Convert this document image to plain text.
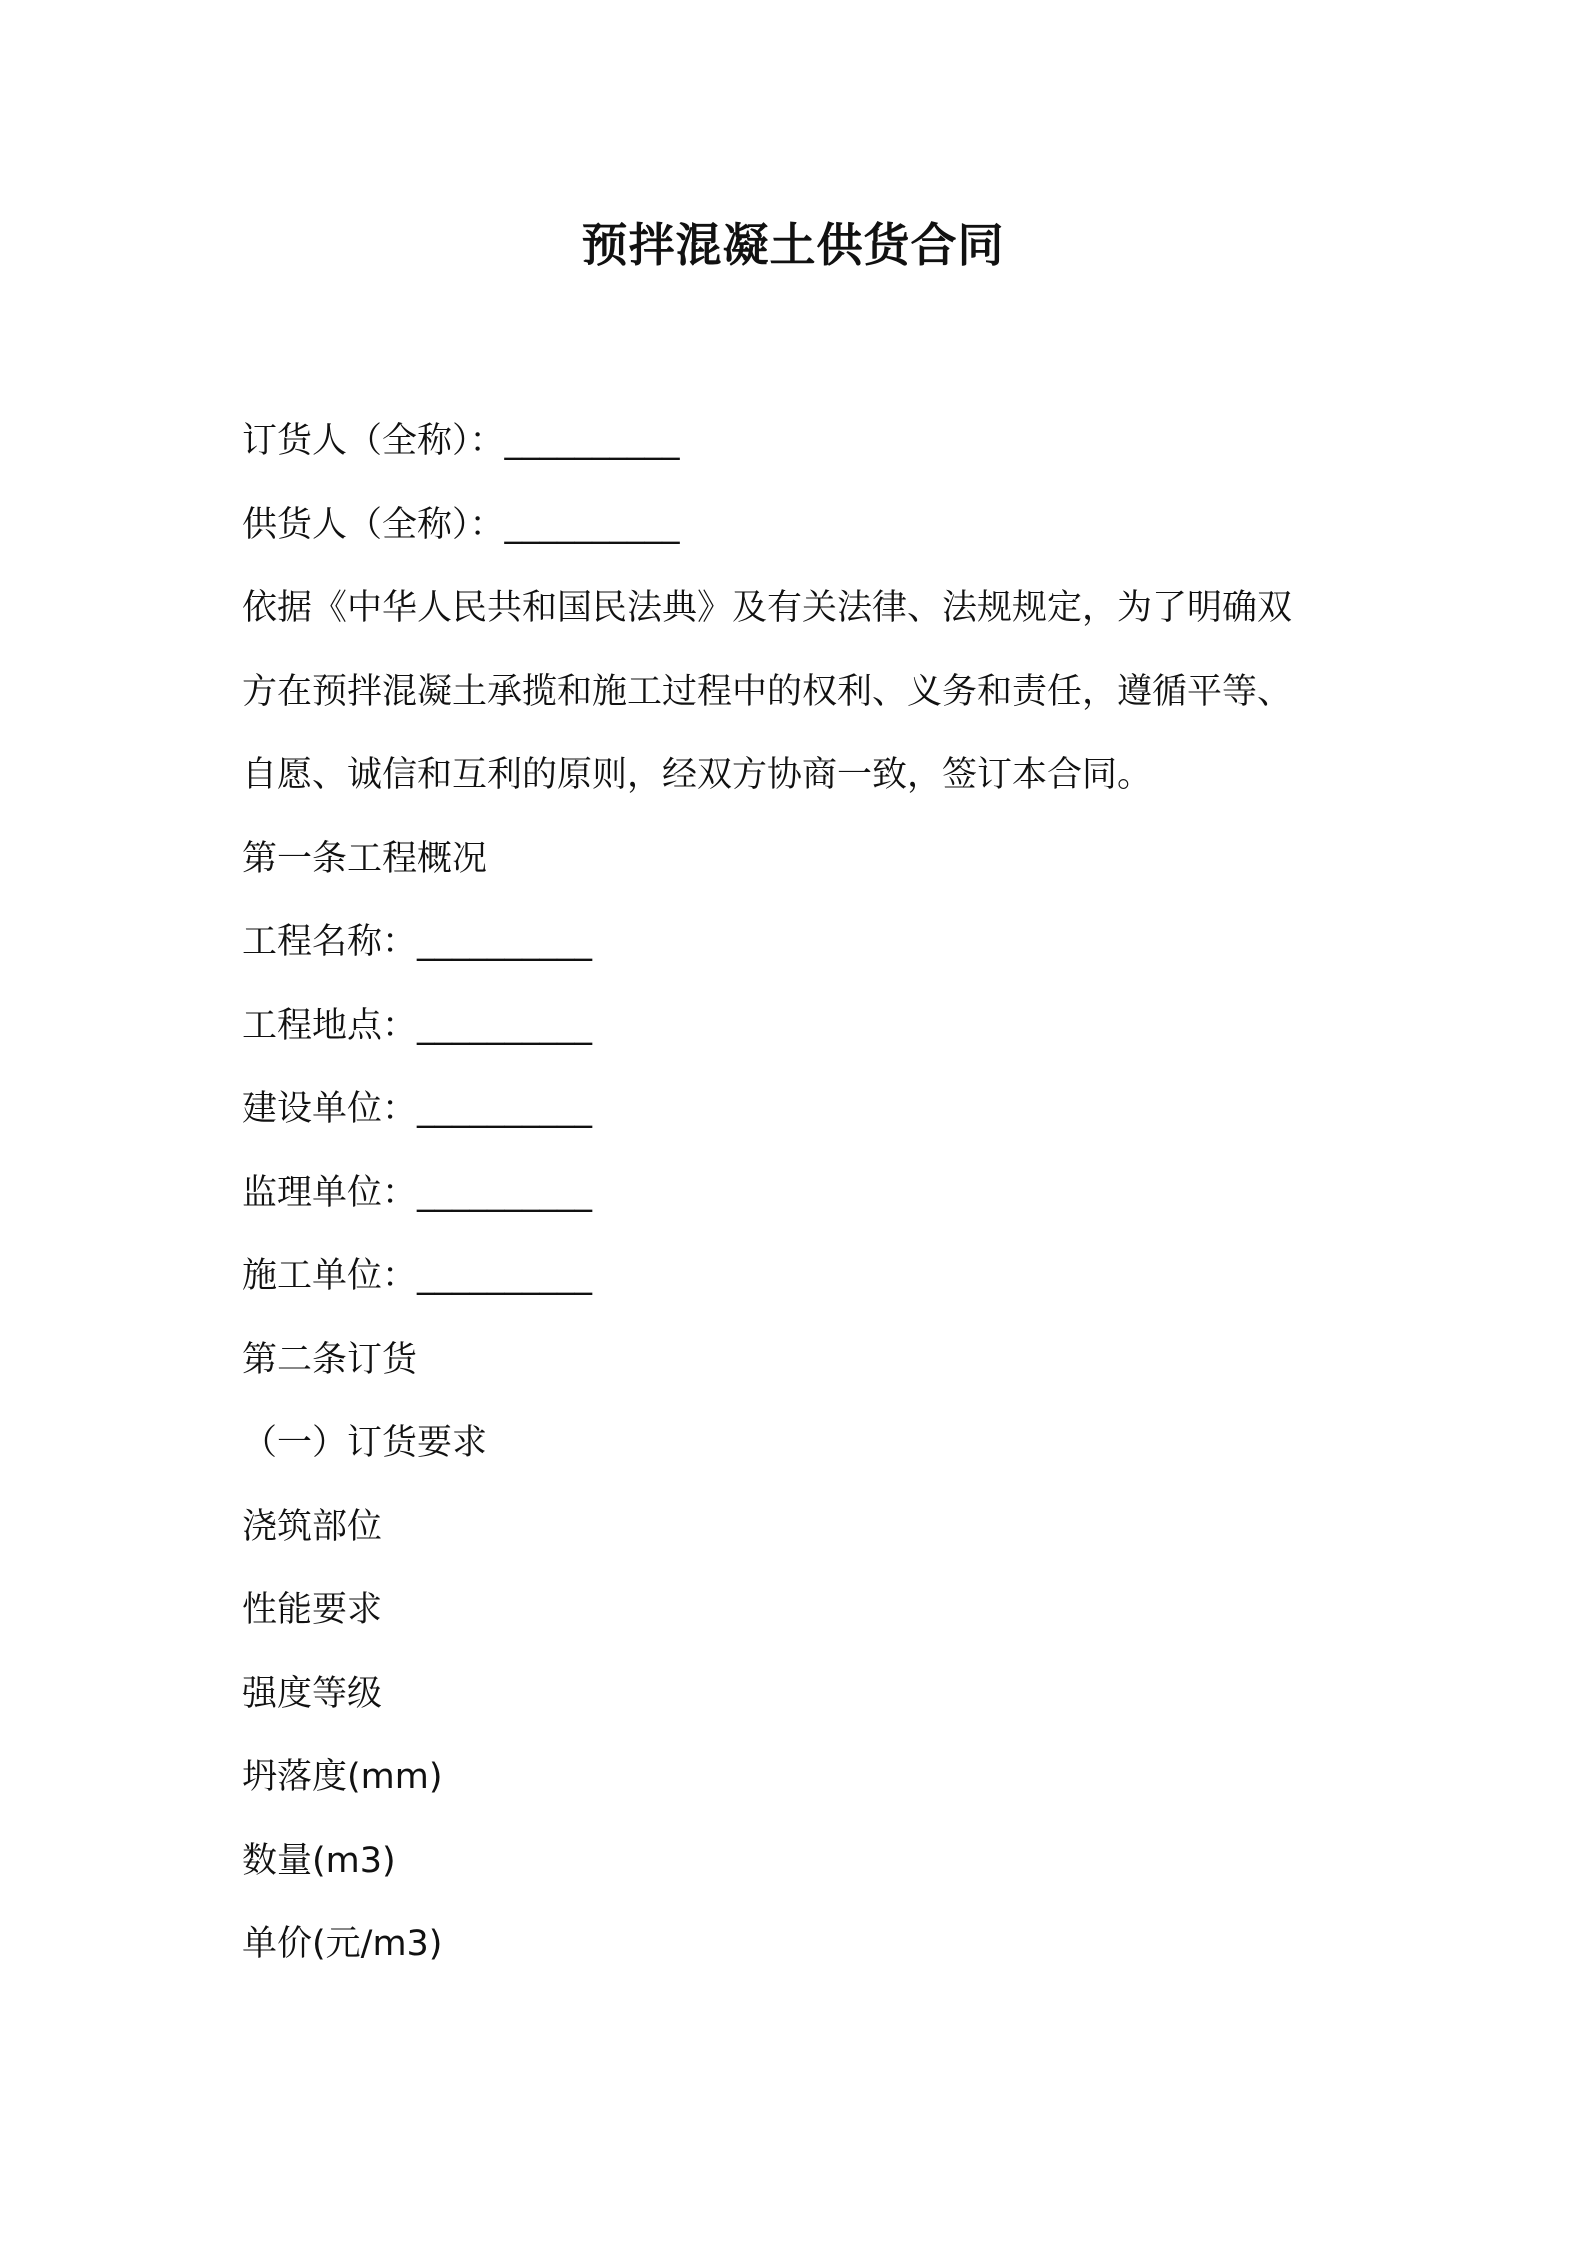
预拌混凝土供货合同
订货人（全称）：__________
供货人（全称）：__________
依据《中华人民共和国民法典》及有关法律、法规规定，为了明确双
方在预拌混凝土承揽和施工过程中的权利、义务和责任，遵循平等、
自愿、诚信和互利的原则，经双方协商一致，签订本合同。
第一条工程概况
工程名称：__________
工程地点：__________
建设单位：__________
监理单位：__________
施工单位：__________
第二条订货
（一）订货要求
浇筑部位
性能要求
强度等级
坍落度(mm)
数量(m3)
单价(元/m3)
